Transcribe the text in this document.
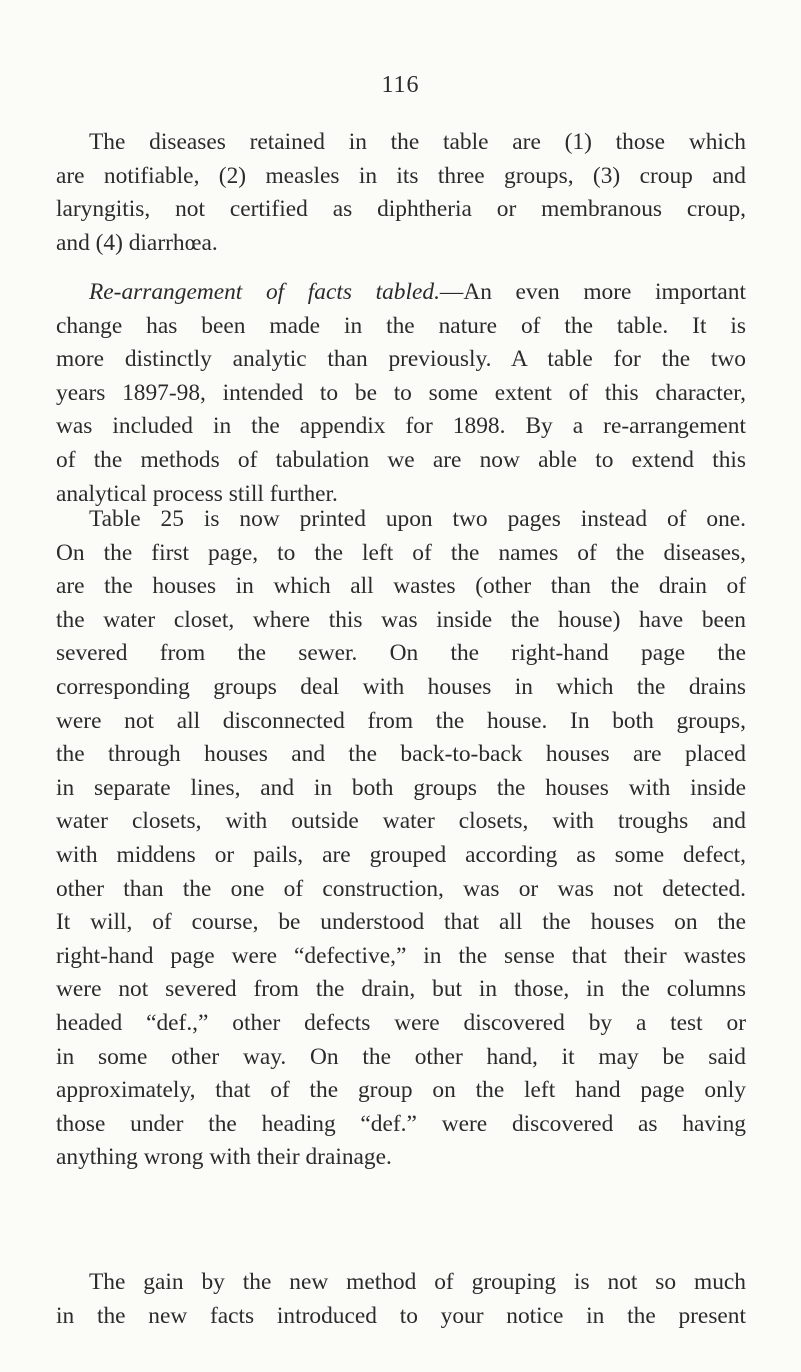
116
The diseases retained in the table are (1) those which
are notifiable, (2) measles in its three groups, (3) croup and
laryngitis, not certified as diphtheria or membranous croup,
and (4) diarrhœa.
Re-arrangement of facts tabled.—An even more important
change has been made in the nature of the table. It is
more distinctly analytic than previously. A table for the two
years 1897-98, intended to be to some extent of this character,
was included in the appendix for 1898. By a re-arrangement
of the methods of tabulation we are now able to extend this
analytical process still further.
Table 25 is now printed upon two pages instead of one.
On the first page, to the left of the names of the diseases,
are the houses in which all wastes (other than the drain of
the water closet, where this was inside the house) have been
severed from the sewer. On the right-hand page the
corresponding groups deal with houses in which the drains
were not all disconnected from the house. In both groups,
the through houses and the back-to-back houses are placed
in separate lines, and in both groups the houses with inside
water closets, with outside water closets, with troughs and
with middens or pails, are grouped according as some defect,
other than the one of construction, was or was not detected.
It will, of course, be understood that all the houses on the
right-hand page were “defective,” in the sense that their wastes
were not severed from the drain, but in those, in the columns
headed “def.,” other defects were discovered by a test or
in some other way. On the other hand, it may be said
approximately, that of the group on the left hand page only
those under the heading “def.” were discovered as having
anything wrong with their drainage.
The gain by the new method of grouping is not so much
in the new facts introduced to your notice in the present
